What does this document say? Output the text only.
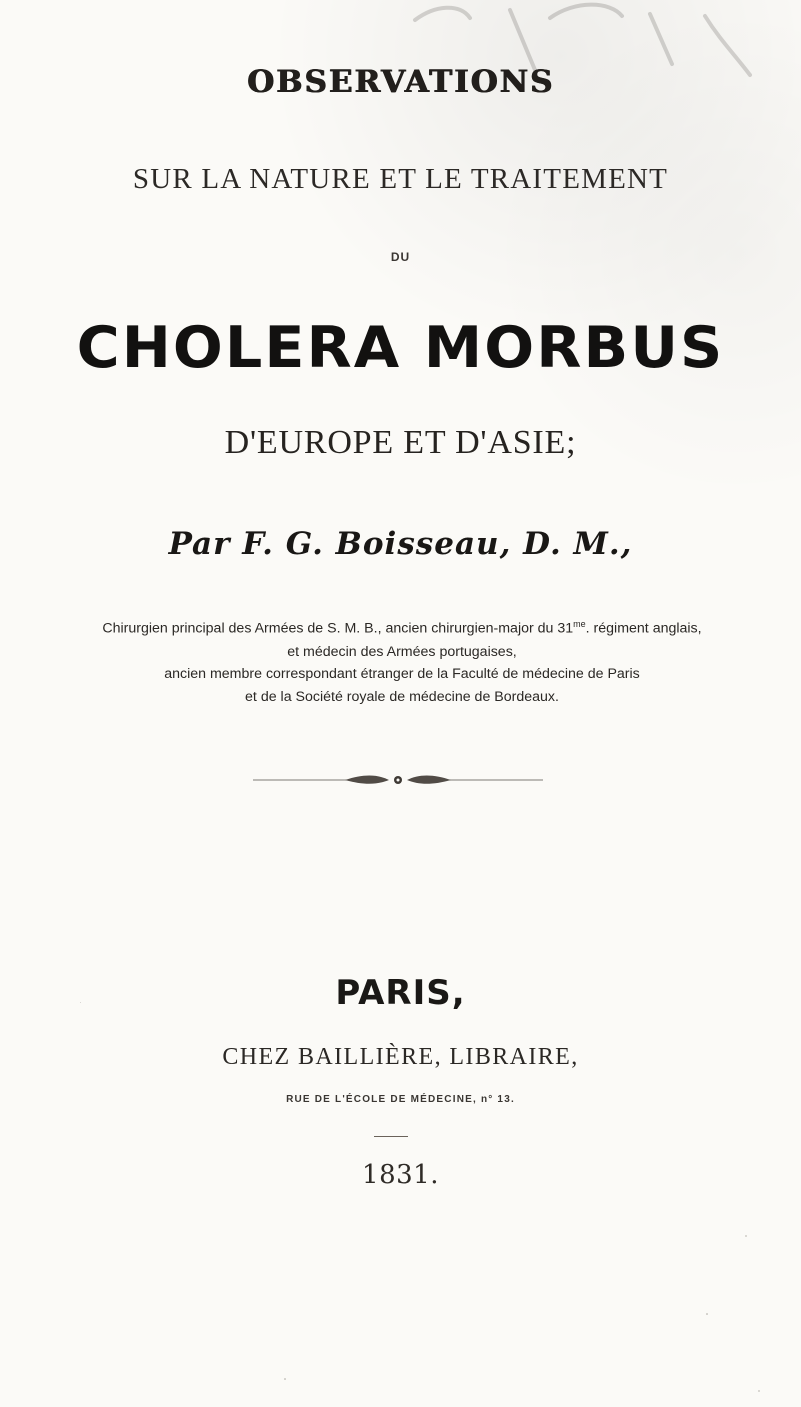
OBSERVATIONS
SUR LA NATURE ET LE TRAITEMENT
DU
CHOLERA MORBUS
D'EUROPE ET D'ASIE;
Par F. G. Boisseau, D. M.,
Chirurgien principal des Armées de S. M. B., ancien chirurgien-major du $31^{me}$. régiment anglais,
et médecin des Armées portugaises,
ancien membre correspondant étranger de la Faculté de médecine de Paris
et de la Société royale de médecine de Bordeaux.
PARIS,
CHEZ BAILLIÈRE, LIBRAIRE,
RUE DE L'ÉCOLE DE MÉDECINE, n° 13.
1831.
